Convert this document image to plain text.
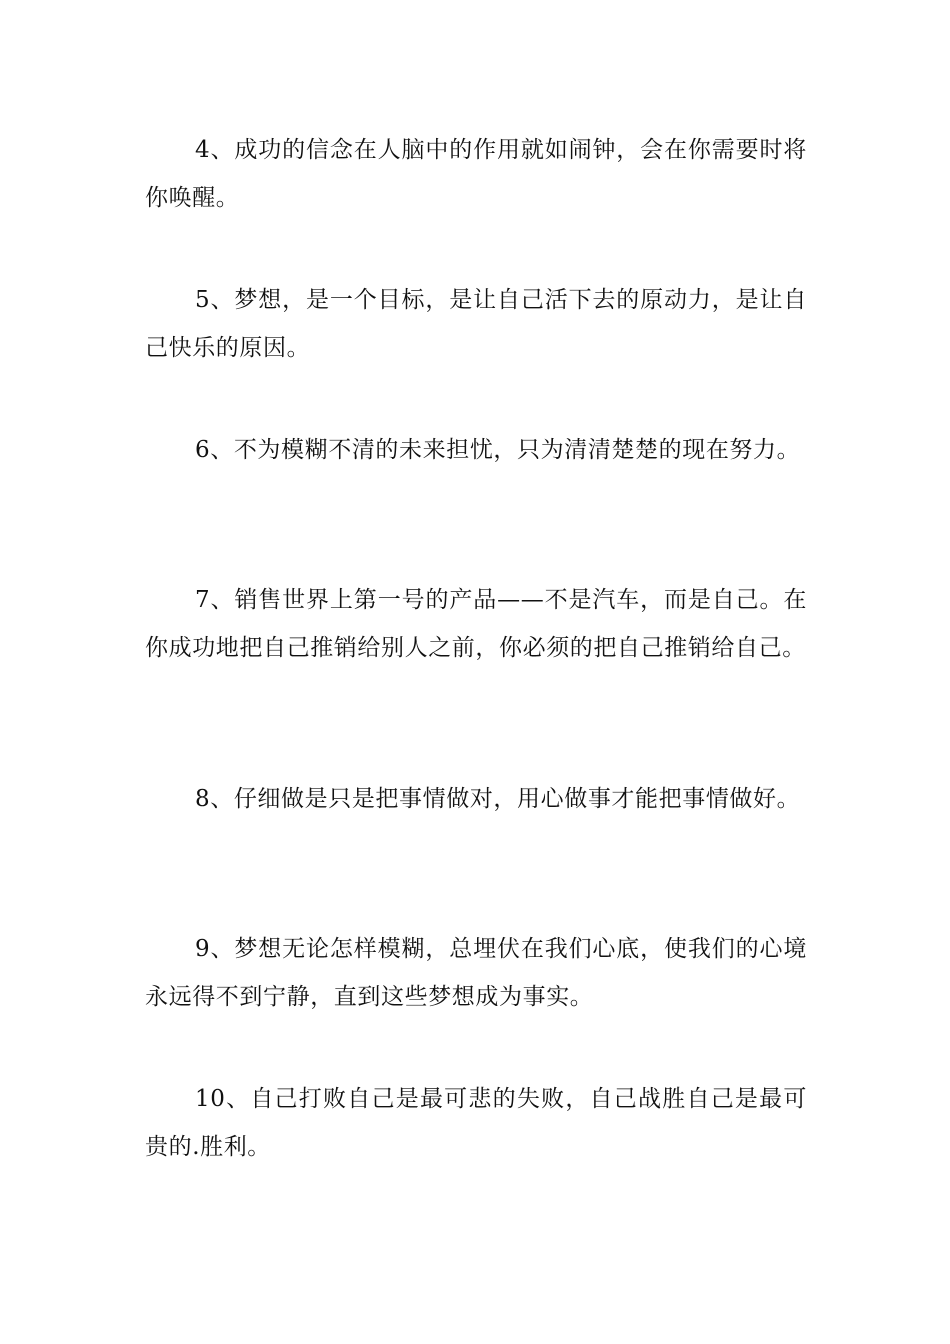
4、成功的信念在人脑中的作用就如闹钟，会在你需要时将你唤醒。

5、梦想，是一个目标，是让自己活下去的原动力，是让自己快乐的原因。

6、不为模糊不清的未来担忧，只为清清楚楚的现在努力。

7、销售世界上第一号的产品——不是汽车，而是自己。在你成功地把自己推销给别人之前，你必须的把自己推销给自己。

8、仔细做是只是把事情做对，用心做事才能把事情做好。

9、梦想无论怎样模糊，总埋伏在我们心底，使我们的心境永远得不到宁静，直到这些梦想成为事实。

10、自己打败自己是最可悲的失败，自己战胜自己是最可贵的.胜利。
